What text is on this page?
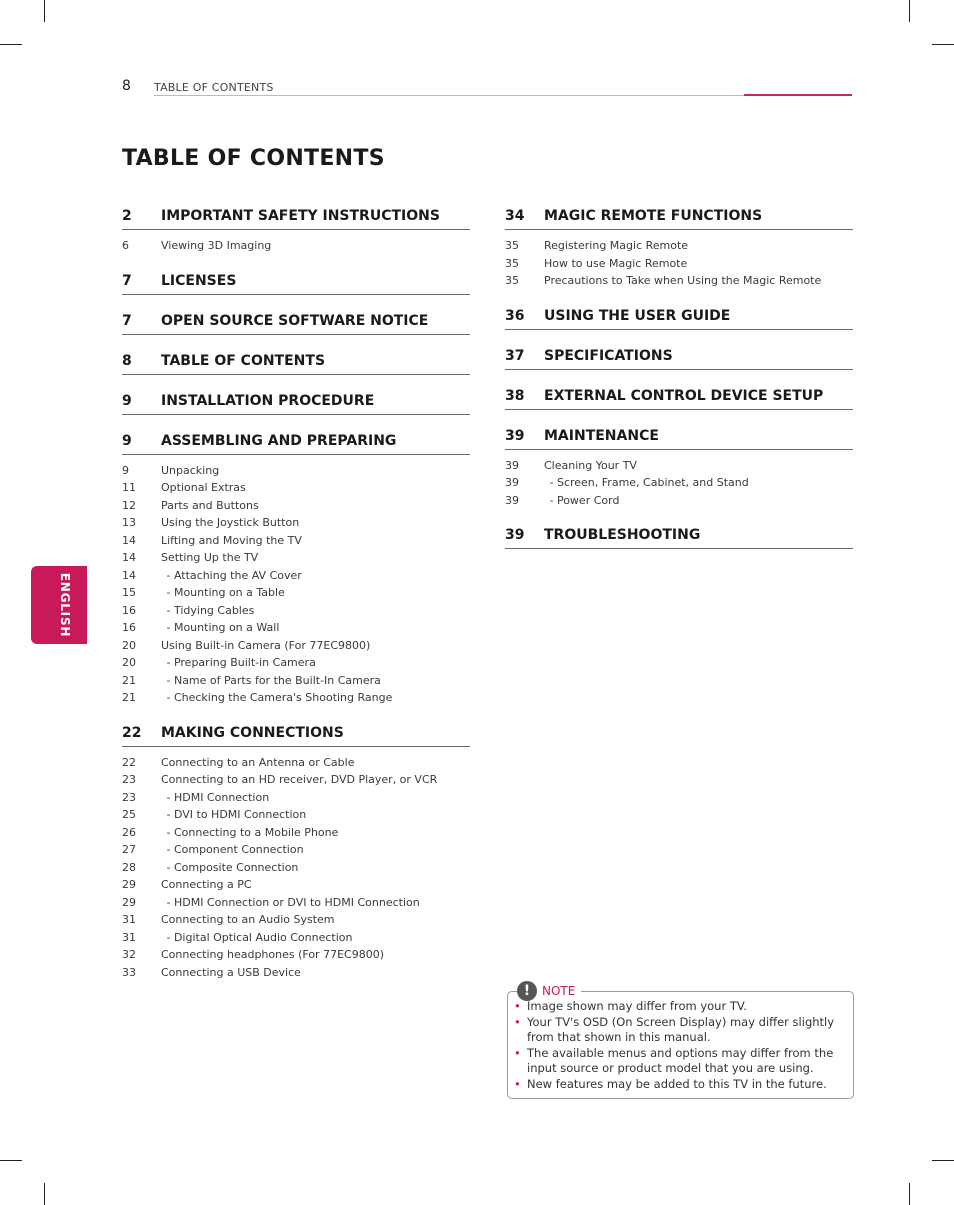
8 TABLE OF CONTENTS
TABLE OF CONTENTS
2	IMPORTANT SAFETY INSTRUCTIONS
6	Viewing 3D Imaging
7	LICENSES
7	OPEN SOURCE SOFTWARE NOTICE
8	TABLE OF CONTENTS
9	INSTALLATION PROCEDURE
9	ASSEMBLING AND PREPARING
9	Unpacking
11	Optional Extras
12	Parts and Buttons
13	Using the Joystick Button
14	Lifting and Moving the TV
14	Setting Up the TV
14	- Attaching the AV Cover
15	- Mounting on a Table
16	- Tidying Cables
16	- Mounting on a Wall
20	Using Built-in Camera (For 77EC9800)
20	- Preparing Built-in Camera
21	- Name of Parts for the Built-In Camera
21	- Checking the Camera's Shooting Range
22	MAKING CONNECTIONS
22	Connecting to an Antenna or Cable
23	Connecting to an HD receiver, DVD Player, or VCR
23	- HDMI Connection
25	- DVI to HDMI Connection
26	- Connecting to a Mobile Phone
27	- Component Connection
28	- Composite Connection
29	Connecting a PC
29	- HDMI Connection or DVI to HDMI Connection
31	Connecting to an Audio System
31	- Digital Optical Audio Connection
32	Connecting headphones (For 77EC9800)
33	Connecting a USB Device
34	MAGIC REMOTE FUNCTIONS
35	Registering Magic Remote
35	How to use Magic Remote
35	Precautions to Take when Using the Magic Remote
36	USING THE USER GUIDE
37	SPECIFICATIONS
38	EXTERNAL CONTROL DEVICE SETUP
39	MAINTENANCE
39	Cleaning Your TV
39	- Screen, Frame, Cabinet, and Stand
39	- Power Cord
39	TROUBLESHOOTING
ENGLISH
! NOTE
• Image shown may differ from your TV.
• Your TV's OSD (On Screen Display) may differ slightly from that shown in this manual.
• The available menus and options may differ from the input source or product model that you are using.
• New features may be added to this TV in the future.
